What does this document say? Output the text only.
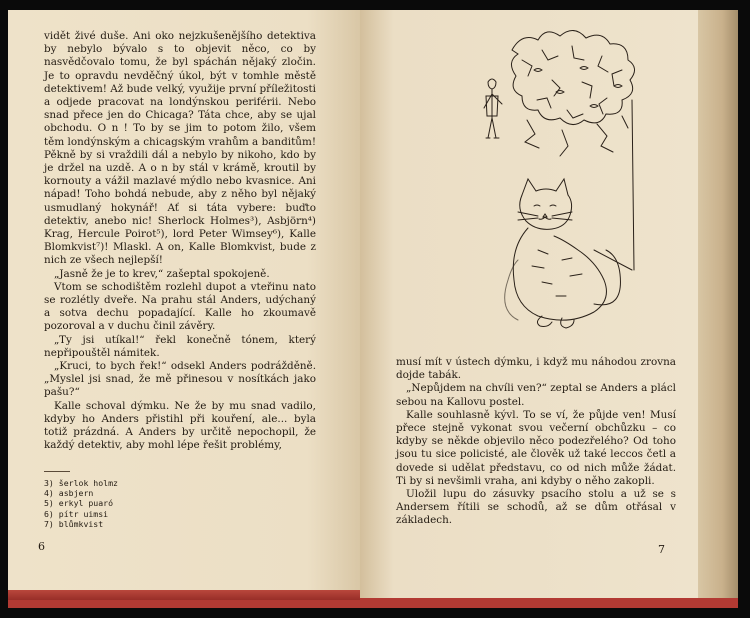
vidět živé duše. Ani oko nejzkušenějšího detektiva by nebylo bývalo s to objevit něco, co by nasvědčovalo tomu, že byl spáchán nějaký zločin. Je to opravdu nevděčný úkol, být v tomhle městě detektivem! Až bude velký, využije první příležitosti a odjede pracovat na londýnskou periférii. Nebo snad přece jen do Chicaga? Táta chce, aby se ujal obchodu. O n ! To by se jim to potom žilo, všem těm londýnským a chicagským vrahům a banditům! Pěkně by si vraždili dál a nebylo by nikoho, kdo by je držel na uzdě. A o n by stál v krámě, kroutil by kornouty a vážil mazlavé mýdlo nebo kvasnice. Ani nápad! Toho bohdá nebude, aby z něho byl nějaký usmudlaný hokynář! Ať si táta vybere: buďto detektiv, anebo nic! Sherlock Holmes³), Asbjörn⁴) Krag, Hercule Poirot⁵), lord Peter Wimsey⁶), Kalle Blomkvist⁷)! Mlaskl. A on, Kalle Blomkvist, bude z nich ze všech nejlepší!

„Jasně že je to krev,“ zašeptal spokojeně.

Vtom se schodištěm rozlehl dupot a vteřinu nato se rozlétly dveře. Na prahu stál Anders, udýchaný a sotva dechu popadající. Kalle ho zkoumavě pozoroval a v duchu činil závěry.

„Ty jsi utíkal!“ řekl konečně tónem, který nepřipouštěl námitek.

„Kruci, to bych řek!“ odsekl Anders podrážděně. „Myslel jsi snad, že mě přinesou v nosítkách jako pašu?“

Kalle schoval dýmku. Ne že by mu snad vadilo, kdyby ho Anders přistihl při kouření, ale... byla totiž prázdná. A Anders by určitě nepochopil, že každý detektiv, aby mohl lépe řešit problémy,

3) šerlok holmz
4) asbjern
5) erkyl puaró
6) pítr uimsi
7) blůmkvist
6

musí mít v ústech dýmku, i když mu náhodou zrovna dojde tabák.

„Nepůjdem na chvíli ven?“ zeptal se Anders a plácl sebou na Kallovu postel.

Kalle souhlasně kývl. To se ví, že půjde ven! Musí přece stejně vykonat svou večerní obchůzku – co kdyby se někde objevilo něco podezřelého? Od toho jsou tu sice policisté, ale člověk už také leccos četl a dovede si udělat představu, co od nich může žádat. Ti by si nevšimli vraha, ani kdyby o něho zakopli.

Uložil lupu do zásuvky psacího stolu a už se s Andersem řítili se schodů, až se dům otřásal v základech.

7
